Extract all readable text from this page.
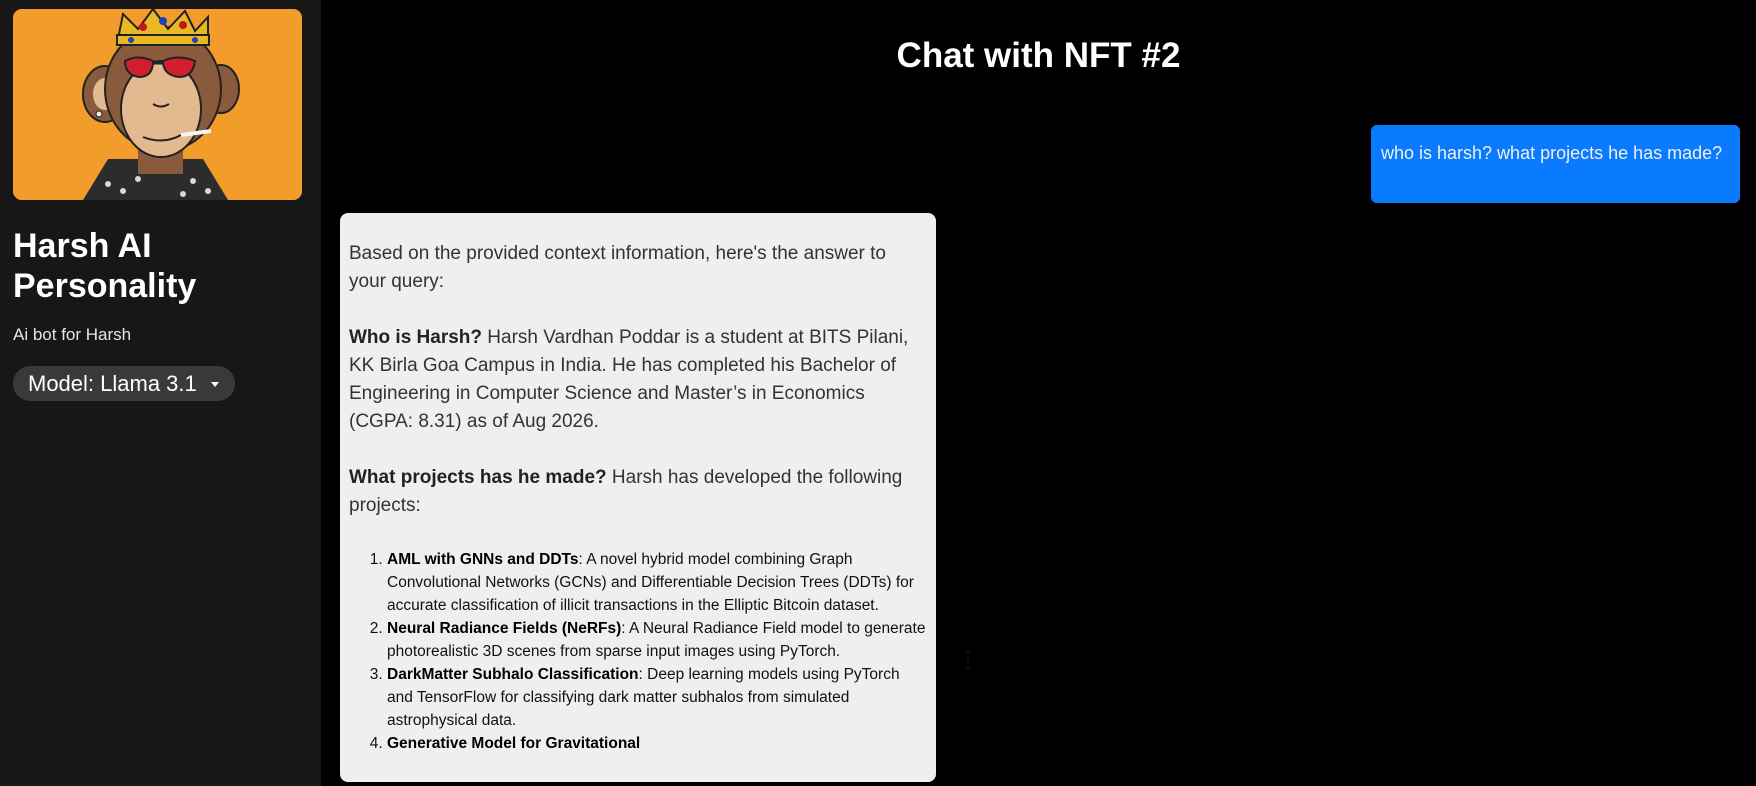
Harsh AI Personality
Ai bot for Harsh
Model: Llama 3.1
Chat with NFT #2
who is harsh? what projects he has made?

Based on the provided context information, here's the answer to your query:

Who is Harsh? Harsh Vardhan Poddar is a student at BITS Pilani, KK Birla Goa Campus in India. He has completed his Bachelor of Engineering in Computer Science and Master’s in Economics (CGPA: 8.31) as of Aug 2026.

What projects has he made? Harsh has developed the following projects:

1. AML with GNNs and DDTs: A novel hybrid model combining Graph Convolutional Networks (GCNs) and Differentiable Decision Trees (DDTs) for accurate classification of illicit transactions in the Elliptic Bitcoin dataset.
2. Neural Radiance Fields (NeRFs): A Neural Radiance Field model to generate photorealistic 3D scenes from sparse input images using PyTorch.
3. DarkMatter Subhalo Classification: Deep learning models using PyTorch and TensorFlow for classifying dark matter subhalos from simulated astrophysical data.
4. Generative Model for Gravitational
